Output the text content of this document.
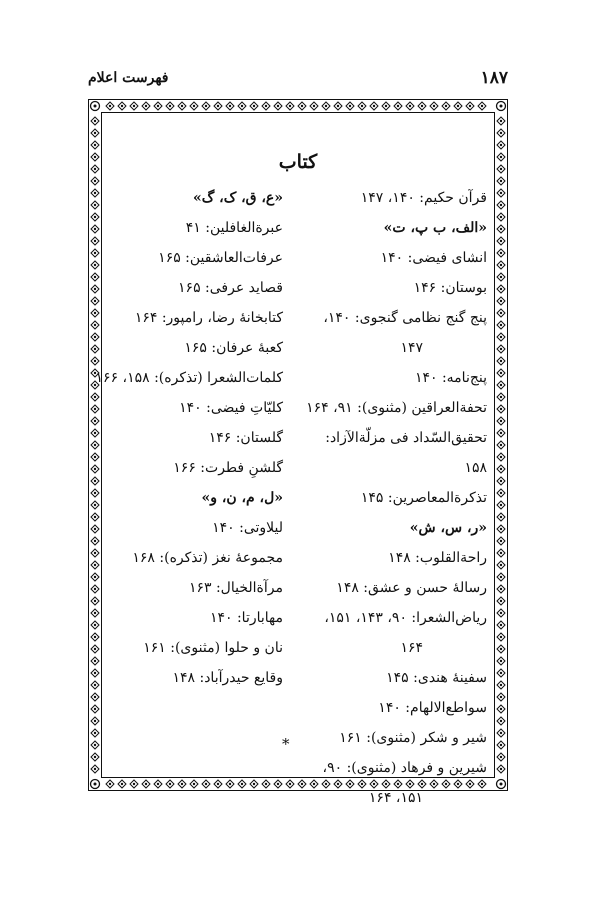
۱۸۷
فهرست اعلام
کتاب

قرآن حکیم: ۱۴۰، ۱۴۷

«الف، ب پ، ت»

انشای فیضی: ۱۴۰

بوستان: ۱۴۶

پنج گنج نظامی گنجوی: ۱۴۰،

۱۴۷

پنج‌نامه: ۱۴۰

تحفةالعراقین (مثنوی): ۹۱، ۱۶۴

تحقیق‌السّداد فی مزلّةالآزاد: ۱۵۸

تذکرةالمعاصرین: ۱۴۵

«ر، س، ش»

راحةالقلوب: ۱۴۸

رسالهٔ حسن و عشق: ۱۴۸

ریاض‌الشعرا: ۹۰، ۱۴۳، ۱۵۱،

۱۶۴

سفینهٔ هندی: ۱۴۵

سواطع‌الالهام: ۱۴۰

شیر و شکر (مثنوی): ۱۶۱

شیرین و فرهاد (مثنوی): ۹۰،

۱۵۱، ۱۶۴

«ع، ق، ک، گ»

عبرةالغافلین: ۴۱

عرفات‌العاشقین: ۱۶۵

قصاید عرفی: ۱۶۵

کتابخانهٔ رضا، رامپور: ۱۶۴

کعبهٔ عرفان: ۱۶۵

کلمات‌الشعرا (تذکره): ۱۵۸، ۱۶۶

کلیّاتِ فیضی: ۱۴۰

گلستان: ۱۴۶

گلشنِ فطرت: ۱۶۶

«ل، م، ن، و»

لیلاوتی: ۱۴۰

مجموعهٔ نغز (تذکره): ۱۶۸

مرآةالخیال: ۱۶۳

مهابارتا: ۱۴۰

نان و حلوا (مثنوی): ۱۶۱

وقایع حیدرآباد: ۱۴۸

*
